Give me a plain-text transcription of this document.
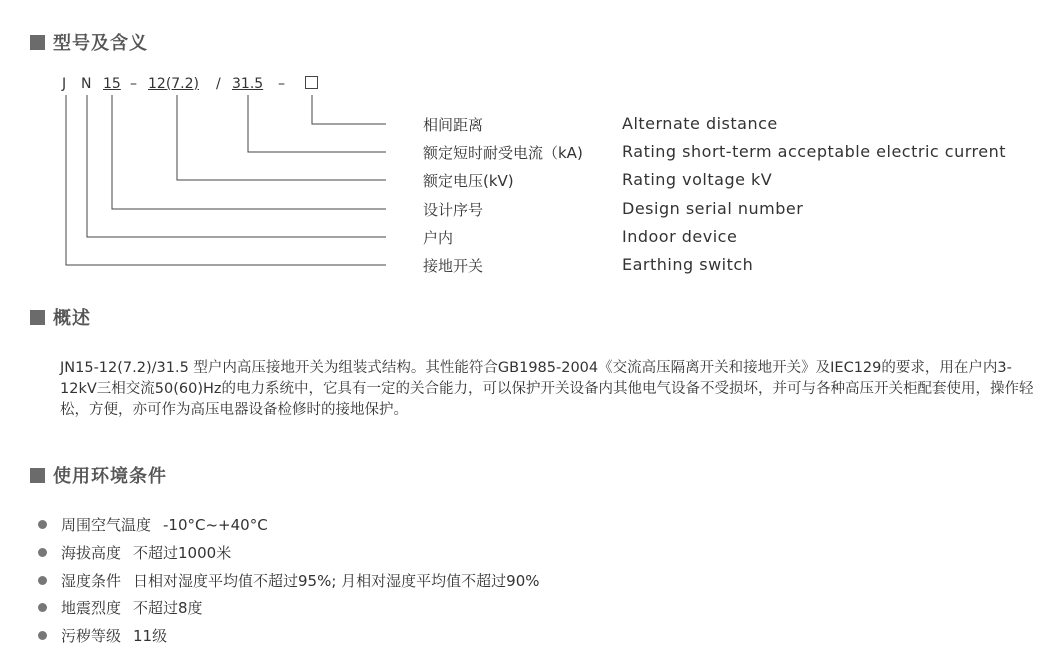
型号及含义
J N 15 – 12(7.2) / 31.5 –
相间距离	Alternate distance
额定短时耐受电流（kA) Rating short-term acceptable electric current
额定电压(kV)	Rating voltage kV
设计序号	Design serial number
户内	Indoor device
接地开关	Earthing switch
概述

JN15-12(7.2)/31.5 型户内高压接地开关为组装式结构。其性能符合GB1985-2004《交流高压隔离开关和接地开关》及IEC129的要求，用在户内3-12kV三相交流50(60)Hz的电力系统中，它具有一定的关合能力，可以保护开关设备内其他电气设备不受损坏，并可与各种高压开关柜配套使用，操作轻松，方便，亦可作为高压电器设备检修时的接地保护。

使用环境条件
周围空气温度 -10°C~+40°C
海拔高度 不超过1000米
湿度条件 日相对湿度平均值不超过95%; 月相对湿度平均值不超过90%
地震烈度 不超过8度
污秽等级 11级
